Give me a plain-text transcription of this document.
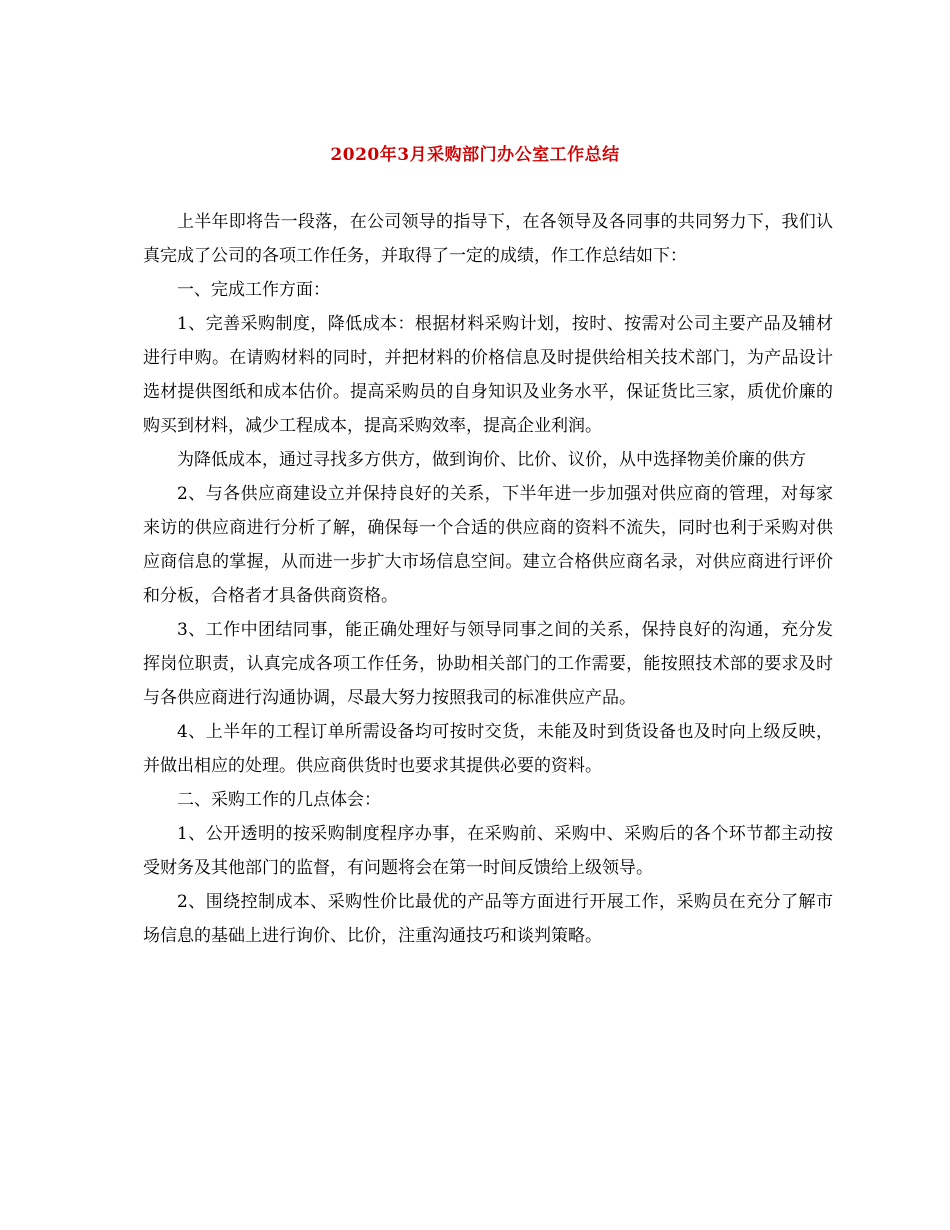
2020年3月采购部门办公室工作总结

上半年即将告一段落，在公司领导的指导下，在各领导及各同事的共同努力下，我们认真完成了公司的各项工作任务，并取得了一定的成绩，作工作总结如下：

一、完成工作方面：

1、完善采购制度，降低成本：根据材料采购计划，按时、按需对公司主要产品及辅材进行申购。在请购材料的同时，并把材料的价格信息及时提供给相关技术部门，为产品设计选材提供图纸和成本估价。提高采购员的自身知识及业务水平，保证货比三家，质优价廉的购买到材料，减少工程成本，提高采购效率，提高企业利润。

为降低成本，通过寻找多方供方，做到询价、比价、议价，从中选择物美价廉的供方

2、与各供应商建设立并保持良好的关系，下半年进一步加强对供应商的管理，对每家来访的供应商进行分析了解，确保每一个合适的供应商的资料不流失，同时也利于采购对供应商信息的掌握，从而进一步扩大市场信息空间。建立合格供应商名录，对供应商进行评价和分板，合格者才具备供商资格。

3、工作中团结同事，能正确处理好与领导同事之间的关系，保持良好的沟通，充分发挥岗位职责，认真完成各项工作任务，协助相关部门的工作需要，能按照技术部的要求及时与各供应商进行沟通协调，尽最大努力按照我司的标准供应产品。

4、上半年的工程订单所需设备均可按时交货，未能及时到货设备也及时向上级反映，并做出相应的处理。供应商供货时也要求其提供必要的资料。

二、采购工作的几点体会：

1、公开透明的按采购制度程序办事，在采购前、采购中、采购后的各个环节都主动按受财务及其他部门的监督，有问题将会在第一时间反馈给上级领导。

2、围绕控制成本、采购性价比最优的产品等方面进行开展工作，采购员在充分了解市场信息的基础上进行询价、比价，注重沟通技巧和谈判策略。
